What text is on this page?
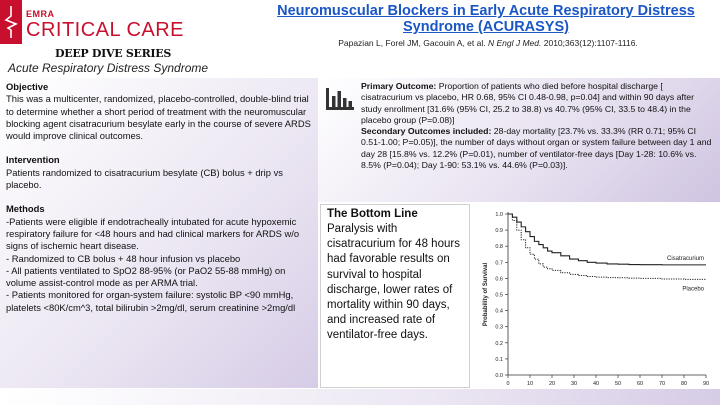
EMRA
CRITICAL CARE
Neuromuscular Blockers in Early Acute Respiratory Distress
Syndrome (ACURASYS)
Papazian L, Forel JM, Gacouin A, et al. N Engl J Med. 2010;363(12):1107-1116.
DEEP DIVE SERIES
Acute Respiratory Distress Syndrome
Objective
This was a multicenter, randomized, placebo-controlled, double-blind trial to determine whether a short period of treatment with the neuromuscular blocking agent cisatracurium besylate early in the course of severe ARDS would improve clinical outcomes.
Intervention
Patients randomized to cisatracurium besylate (CB) bolus + drip vs placebo.
Methods
-Patients were eligible if endotracheally intubated for acute hypoxemic respiratory failure for <48 hours and had clinical markers for ARDS w/o signs of ischemic heart disease.
- Randomized to CB bolus + 48 hour infusion vs placebo
- All patients ventilated to SpO2 88-95% (or PaO2 55-88 mmHg) on volume assist-control mode as per ARMA trial.
- Patients monitored for organ-system failure: systolic BP <90 mmHg, platelets <80K/cm^3, total bilirubin >2mg/dl, serum creatinine >2mg/dl
Primary Outcome: Proportion of patients who died before hospital discharge [ cisatracurium vs placebo, HR 0.68, 95% CI 0.48-0.98, p=0.04] and within 90 days after study enrollment [31.6% (95% CI, 25.2 to 38.8) vs 40.7% (95% CI, 33.5 to 48.4) in the placebo group (P=0.08)]
Secondary Outcomes included: 28-day mortality [23.7% vs. 33.3% (RR 0.71; 95% CI 0.51-1.00; P=0.05)], the number of days without organ or system failure between day 1 and day 28 [15.8% vs. 12.2% (P=0.01), number of ventilator-free days [Day 1-28: 10.6% vs. 8.5% (P=0.04); Day 1-90: 53.1% vs. 44.6% (P=0.03)].
The Bottom Line
Paralysis with cisatracurium for 48 hours had favorable results on survival to hospital discharge, lower rates of mortality within 90 days, and increased rate of ventilator-free days.
0.0
0.1
0.2
0.3
0.4
0.5
0.6
0.7
0.8
0.9
1.0
0	10	20	30	40	50	60	70	80	90
Probability of Survival
Cisatracurium
Placebo
